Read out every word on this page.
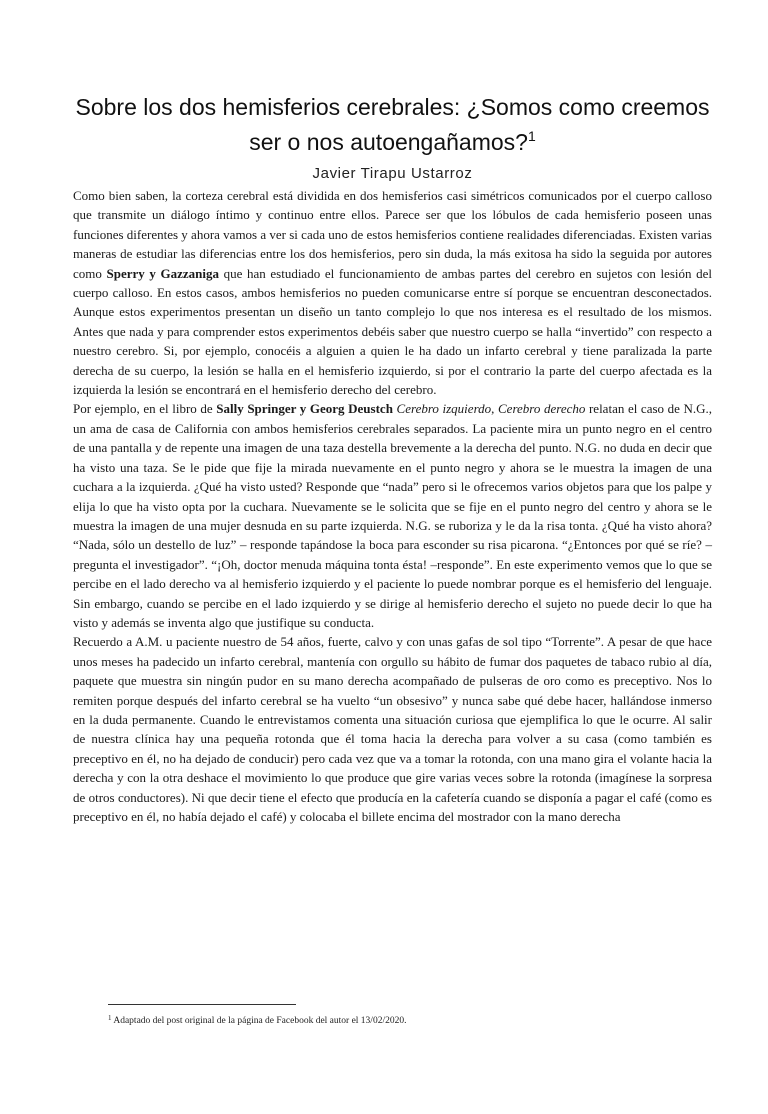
Sobre los dos hemisferios cerebrales: ¿Somos como creemos ser o nos autoengañamos?$^1$
Javier Tirapu Ustarroz

Como bien saben, la corteza cerebral está dividida en dos hemisferios casi simétricos comunicados por el cuerpo calloso que transmite un diálogo íntimo y continuo entre ellos. Parece ser que los lóbulos de cada hemisferio poseen unas funciones diferentes y ahora vamos a ver si cada uno de estos hemisferios contiene realidades diferenciadas. Existen varias maneras de estudiar las diferencias entre los dos hemisferios, pero sin duda, la más exitosa ha sido la seguida por autores como Sperry y Gazzaniga que han estudiado el funcionamiento de ambas partes del cerebro en sujetos con lesión del cuerpo calloso. En estos casos, ambos hemisferios no pueden comunicarse entre sí porque se encuentran desconectados. Aunque estos experimentos presentan un diseño un tanto complejo lo que nos interesa es el resultado de los mismos. Antes que nada y para comprender estos experimentos debéis saber que nuestro cuerpo se halla “invertido” con respecto a nuestro cerebro. Si, por ejemplo, conocéis a alguien a quien le ha dado un infarto cerebral y tiene paralizada la parte derecha de su cuerpo, la lesión se halla en el hemisferio izquierdo, si por el contrario la parte del cuerpo afectada es la izquierda la lesión se encontrará en el hemisferio derecho del cerebro.

Por ejemplo, en el libro de Sally Springer y Georg Deustch Cerebro izquierdo, Cerebro derecho relatan el caso de N.G., un ama de casa de California con ambos hemisferios cerebrales separados. La paciente mira un punto negro en el centro de una pantalla y de repente una imagen de una taza destella brevemente a la derecha del punto. N.G. no duda en decir que ha visto una taza. Se le pide que fije la mirada nuevamente en el punto negro y ahora se le muestra la imagen de una cuchara a la izquierda. ¿Qué ha visto usted? Responde que “nada” pero si le ofrecemos varios objetos para que los palpe y elija lo que ha visto opta por la cuchara. Nuevamente se le solicita que se fije en el punto negro del centro y ahora se le muestra la imagen de una mujer desnuda en su parte izquierda. N.G. se ruboriza y le da la risa tonta. ¿Qué ha visto ahora? “Nada, sólo un destello de luz” – responde tapándose la boca para esconder su risa picarona. “¿Entonces por qué se ríe? –pregunta el investigador”. “¡Oh, doctor menuda máquina tonta ésta! –responde”. En este experimento vemos que lo que se percibe en el lado derecho va al hemisferio izquierdo y el paciente lo puede nombrar porque es el hemisferio del lenguaje. Sin embargo, cuando se percibe en el lado izquierdo y se dirige al hemisferio derecho el sujeto no puede decir lo que ha visto y además se inventa algo que justifique su conducta.

Recuerdo a A.M. u paciente nuestro de 54 años, fuerte, calvo y con unas gafas de sol tipo “Torrente”. A pesar de que hace unos meses ha padecido un infarto cerebral, mantenía con orgullo su hábito de fumar dos paquetes de tabaco rubio al día, paquete que muestra sin ningún pudor en su mano derecha acompañado de pulseras de oro como es preceptivo. Nos lo remiten porque después del infarto cerebral se ha vuelto “un obsesivo” y nunca sabe qué debe hacer, hallándose inmerso en la duda permanente. Cuando le entrevistamos comenta una situación curiosa que ejemplifica lo que le ocurre. Al salir de nuestra clínica hay una pequeña rotonda que él toma hacia la derecha para volver a su casa (como también es preceptivo en él, no ha dejado de conducir) pero cada vez que va a tomar la rotonda, con una mano gira el volante hacia la derecha y con la otra deshace el movimiento lo que produce que gire varias veces sobre la rotonda (imagínese la sorpresa de otros conductores). Ni que decir tiene el efecto que producía en la cafetería cuando se disponía a pagar el café (como es preceptivo en él, no había dejado el café) y colocaba el billete encima del mostrador con la mano derecha

$^1$ Adaptado del post original de la página de Facebook del autor el 13/02/2020.
